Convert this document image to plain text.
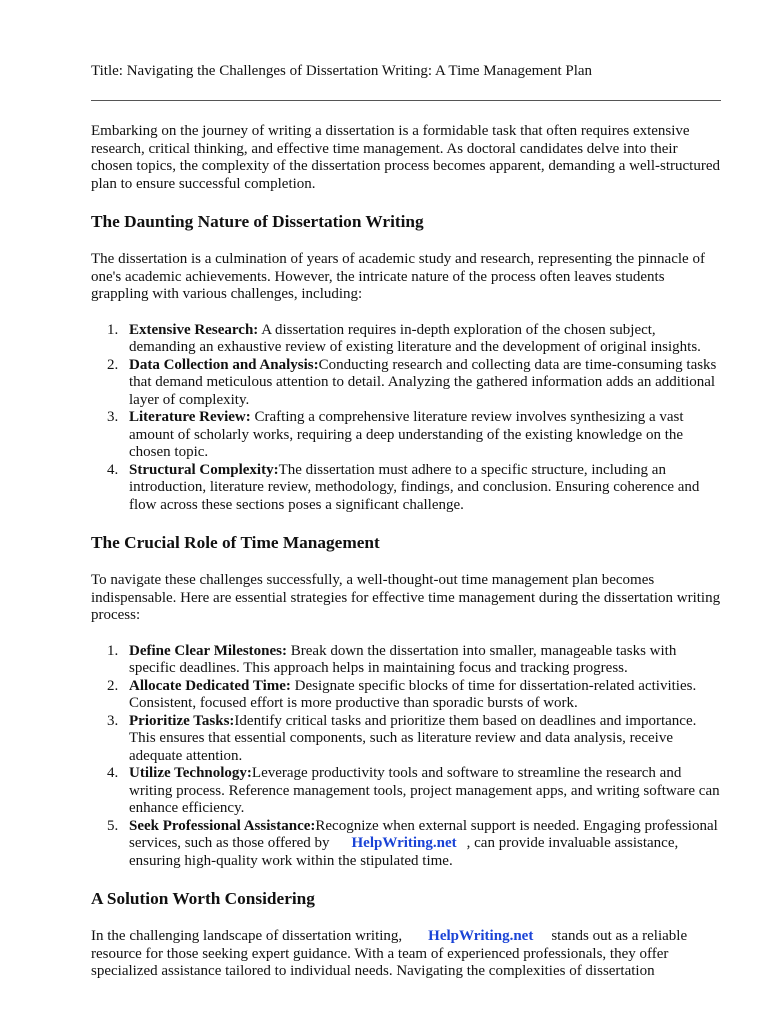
Title: Navigating the Challenges of Dissertation Writing: A Time Management Plan

Embarking on the journey of writing a dissertation is a formidable task that often requires extensive research, critical thinking, and effective time management. As doctoral candidates delve into their chosen topics, the complexity of the dissertation process becomes apparent, demanding a well-structured plan to ensure successful completion.

The Daunting Nature of Dissertation Writing

The dissertation is a culmination of years of academic study and research, representing the pinnacle of one's academic achievements. However, the intricate nature of the process often leaves students grappling with various challenges, including:

1. Extensive Research: A dissertation requires in-depth exploration of the chosen subject, demanding an exhaustive review of existing literature and the development of original insights.
2. Data Collection and Analysis:Conducting research and collecting data are time-consuming tasks that demand meticulous attention to detail. Analyzing the gathered information adds an additional layer of complexity.
3. Literature Review: Crafting a comprehensive literature review involves synthesizing a vast amount of scholarly works, requiring a deep understanding of the existing knowledge on the chosen topic.
4. Structural Complexity:The dissertation must adhere to a specific structure, including an introduction, literature review, methodology, findings, and conclusion. Ensuring coherence and flow across these sections poses a significant challenge.
The Crucial Role of Time Management

To navigate these challenges successfully, a well-thought-out time management plan becomes indispensable. Here are essential strategies for effective time management during the dissertation writing process:

1. Define Clear Milestones: Break down the dissertation into smaller, manageable tasks with specific deadlines. This approach helps in maintaining focus and tracking progress.
2. Allocate Dedicated Time: Designate specific blocks of time for dissertation-related activities. Consistent, focused effort is more productive than sporadic bursts of work.
3. Prioritize Tasks:Identify critical tasks and prioritize them based on deadlines and importance. This ensures that essential components, such as literature review and data analysis, receive adequate attention.
4. Utilize Technology:Leverage productivity tools and software to streamline the research and writing process. Reference management tools, project management apps, and writing software can enhance efficiency.
5. Seek Professional Assistance:Recognize when external support is needed. Engaging professional services, such as those offered by HelpWriting.net , can provide invaluable assistance, ensuring high-quality work within the stipulated time.
A Solution Worth Considering

In the challenging landscape of dissertation writing, HelpWriting.net stands out as a reliable resource for those seeking expert guidance. With a team of experienced professionals, they offer specialized assistance tailored to individual needs. Navigating the complexities of dissertation
